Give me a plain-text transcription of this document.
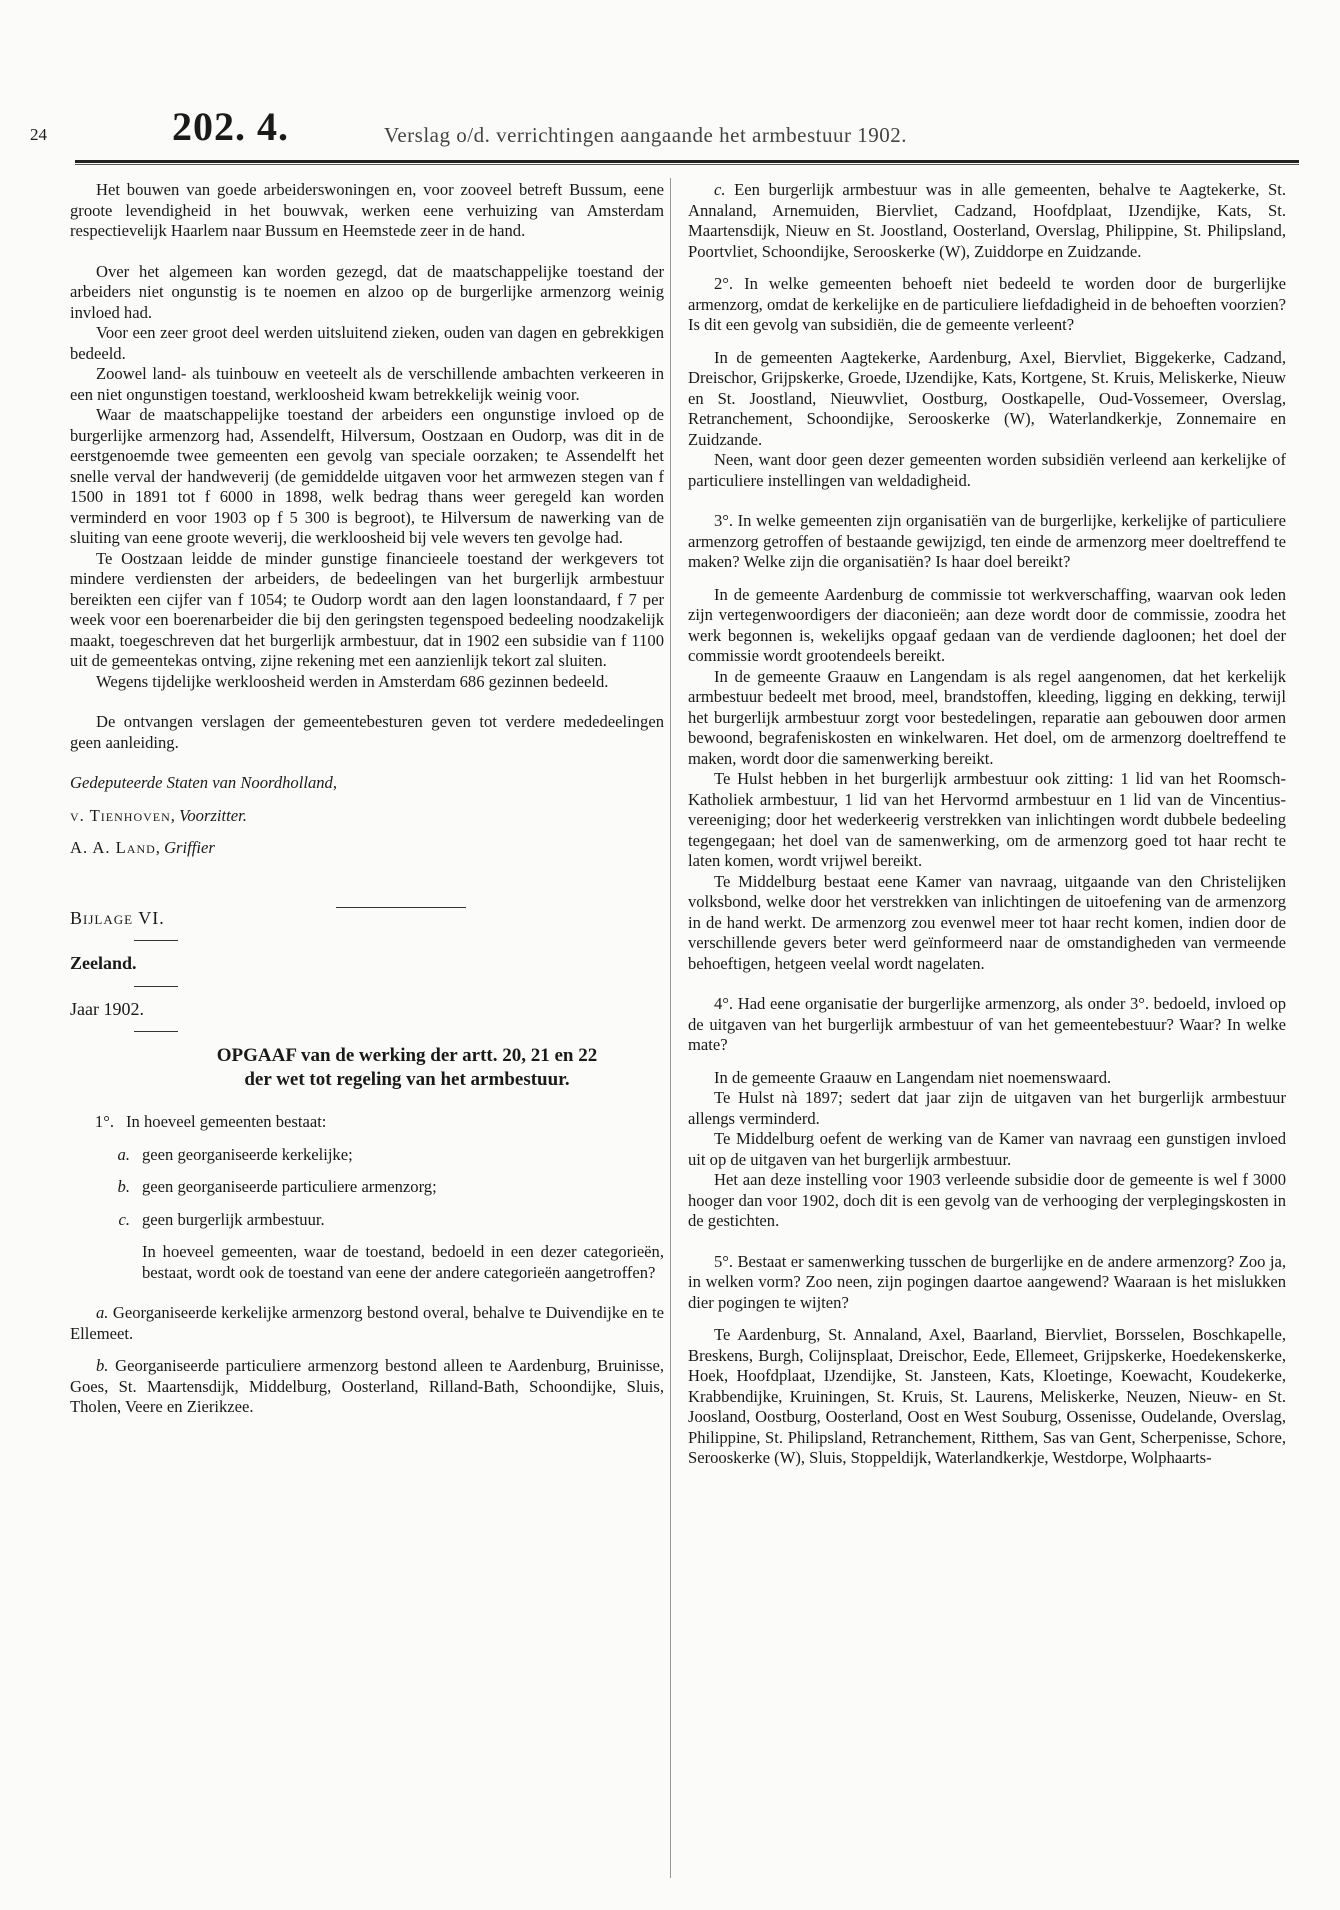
24	202. 4.	Verslag o/d. verrichtingen aangaande het armbestuur 1902.

Het bouwen van goede arbeiderswoningen en, voor zooveel betreft Bussum, eene groote levendigheid in het bouwvak, werken eene verhuizing van Amsterdam respectievelijk Haarlem naar Bussum en Heemstede zeer in de hand.

Over het algemeen kan worden gezegd, dat de maatschappelijke toestand der arbeiders niet ongunstig is te noemen en alzoo op de burgerlijke armenzorg weinig invloed had.

Voor een zeer groot deel werden uitsluitend zieken, ouden van dagen en gebrekkigen bedeeld.

Zoowel land- als tuinbouw en veeteelt als de verschillende ambachten verkeeren in een niet ongunstigen toestand, werkloosheid kwam betrekkelijk weinig voor.

Waar de maatschappelijke toestand der arbeiders een ongunstige invloed op de burgerlijke armenzorg had, Assendelft, Hilversum, Oostzaan en Oudorp, was dit in de eerstgenoemde twee gemeenten een gevolg van speciale oorzaken; te Assendelft het snelle verval der handweverij (de gemiddelde uitgaven voor het armwezen stegen van f 1500 in 1891 tot f 6000 in 1898, welk bedrag thans weer geregeld kan worden verminderd en voor 1903 op f 5 300 is begroot), te Hilversum de nawerking van de sluiting van eene groote weverij, die werkloosheid bij vele wevers ten gevolge had.

Te Oostzaan leidde de minder gunstige financieele toestand der werkgevers tot mindere verdiensten der arbeiders, de bedeelingen van het burgerlijk armbestuur bereikten een cijfer van f 1054; te Oudorp wordt aan den lagen loonstandaard, f 7 per week voor een boerenarbeider die bij den geringsten tegenspoed bedeeling noodzakelijk maakt, toegeschreven dat het burgerlijk armbestuur, dat in 1902 een subsidie van f 1100 uit de gemeentekas ontving, zijne rekening met een aanzienlijk tekort zal sluiten.

Wegens tijdelijke werkloosheid werden in Amsterdam 686 gezinnen bedeeld.

De ontvangen verslagen der gemeentebesturen geven tot verdere mededeelingen geen aanleiding.

Gedeputeerde Staten van Noordholland,

v. Tienhoven, Voorzitter.

A. A. Land, Griffier

Bijlage VI.

Zeeland.

Jaar 1902.

OPGAAF van de werking der artt. 20, 21 en 22

der wet tot regeling van het armbestuur.

1°. In hoeveel gemeenten bestaat:
a. geen georganiseerde kerkelijke;
b. geen georganiseerde particuliere armenzorg;
c. geen burgerlijk armbestuur.

In hoeveel gemeenten, waar de toestand, bedoeld in een dezer categorieën, bestaat, wordt ook de toestand van eene der andere categorieën aangetroffen?

a. Georganiseerde kerkelijke armenzorg bestond overal, behalve te Duivendijke en te Ellemeet.

b. Georganiseerde particuliere armenzorg bestond alleen te Aardenburg, Bruinisse, Goes, St. Maartensdijk, Middelburg, Oosterland, Rilland-Bath, Schoondijke, Sluis, Tholen, Veere en Zierikzee.

c. Een burgerlijk armbestuur was in alle gemeenten, behalve te Aagtekerke, St. Annaland, Arnemuiden, Biervliet, Cadzand, Hoofdplaat, IJzendijke, Kats, St. Maartensdijk, Nieuw en St. Joostland, Oosterland, Overslag, Philippine, St. Philipsland, Poortvliet, Schoondijke, Serooskerke (W), Zuiddorpe en Zuidzande.

2°. In welke gemeenten behoeft niet bedeeld te worden door de burgerlijke armenzorg, omdat de kerkelijke en de particuliere liefdadigheid in de behoeften voorzien? Is dit een gevolg van subsidiën, die de gemeente verleent?

In de gemeenten Aagtekerke, Aardenburg, Axel, Biervliet, Biggekerke, Cadzand, Dreischor, Grijpskerke, Groede, IJzendijke, Kats, Kortgene, St. Kruis, Meliskerke, Nieuw en St. Joostland, Nieuwvliet, Oostburg, Oostkapelle, Oud-Vossemeer, Overslag, Retranchement, Schoondijke, Serooskerke (W), Waterlandkerkje, Zonnemaire en Zuidzande.

Neen, want door geen dezer gemeenten worden subsidiën verleend aan kerkelijke of particuliere instellingen van weldadigheid.

3°. In welke gemeenten zijn organisatiën van de burgerlijke, kerkelijke of particuliere armenzorg getroffen of bestaande gewijzigd, ten einde de armenzorg meer doeltreffend te maken? Welke zijn die organisatiën? Is haar doel bereikt?

In de gemeente Aardenburg de commissie tot werkverschaffing, waarvan ook leden zijn vertegenwoordigers der diaconieën; aan deze wordt door de commissie, zoodra het werk begonnen is, wekelijks opgaaf gedaan van de verdiende dagloonen; het doel der commissie wordt grootendeels bereikt.

In de gemeente Graauw en Langendam is als regel aangenomen, dat het kerkelijk armbestuur bedeelt met brood, meel, brandstoffen, kleeding, ligging en dekking, terwijl het burgerlijk armbestuur zorgt voor bestedelingen, reparatie aan gebouwen door armen bewoond, begrafeniskosten en winkelwaren. Het doel, om de armenzorg doeltreffend te maken, wordt door die samenwerking bereikt.

Te Hulst hebben in het burgerlijk armbestuur ook zitting: 1 lid van het Roomsch-Katholiek armbestuur, 1 lid van het Hervormd armbestuur en 1 lid van de Vincentius-vereeniging; door het wederkeerig verstrekken van inlichtingen wordt dubbele bedeeling tegengegaan; het doel van de samenwerking, om de armenzorg goed tot haar recht te laten komen, wordt vrijwel bereikt.

Te Middelburg bestaat eene Kamer van navraag, uitgaande van den Christelijken volksbond, welke door het verstrekken van inlichtingen de uitoefening van de armenzorg in de hand werkt. De armenzorg zou evenwel meer tot haar recht komen, indien door de verschillende gevers beter werd geïnformeerd naar de omstandigheden van vermeende behoeftigen, hetgeen veelal wordt nagelaten.

4°. Had eene organisatie der burgerlijke armenzorg, als onder 3°. bedoeld, invloed op de uitgaven van het burgerlijk armbestuur of van het gemeentebestuur? Waar? In welke mate?

In de gemeente Graauw en Langendam niet noemenswaard.

Te Hulst nà 1897; sedert dat jaar zijn de uitgaven van het burgerlijk armbestuur allengs verminderd.

Te Middelburg oefent de werking van de Kamer van navraag een gunstigen invloed uit op de uitgaven van het burgerlijk armbestuur.

Het aan deze instelling voor 1903 verleende subsidie door de gemeente is wel f 3000 hooger dan voor 1902, doch dit is een gevolg van de verhooging der verplegingskosten in de gestichten.

5°. Bestaat er samenwerking tusschen de burgerlijke en de andere armenzorg? Zoo ja, in welken vorm? Zoo neen, zijn pogingen daartoe aangewend? Waaraan is het mislukken dier pogingen te wijten?

Te Aardenburg, St. Annaland, Axel, Baarland, Biervliet, Borsselen, Boschkapelle, Breskens, Burgh, Colijnsplaat, Dreischor, Eede, Ellemeet, Grijpskerke, Hoedekenskerke, Hoek, Hoofdplaat, IJzendijke, St. Jansteen, Kats, Kloetinge, Koewacht, Koudekerke, Krabbendijke, Kruiningen, St. Kruis, St. Laurens, Meliskerke, Neuzen, Nieuw- en St. Joosland, Oostburg, Oosterland, Oost en West Souburg, Ossenisse, Oudelande, Overslag, Philippine, St. Philipsland, Retranchement, Ritthem, Sas van Gent, Scherpenisse, Schore, Serooskerke (W), Sluis, Stoppeldijk, Waterlandkerkje, Westdorpe, Wolphaarts-
